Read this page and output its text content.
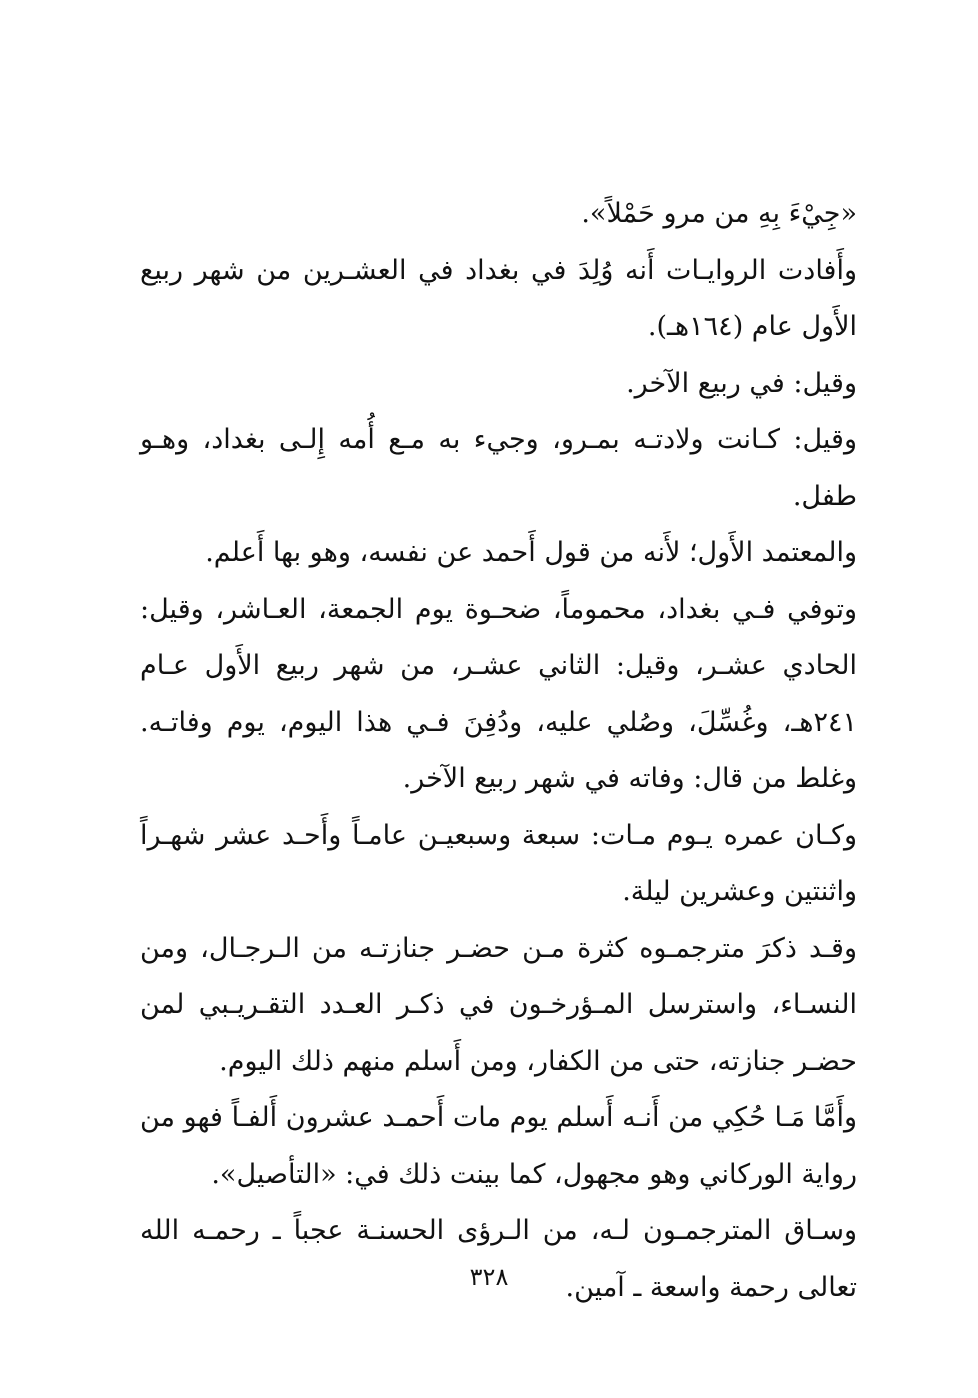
«جِيْءَ بِهِ من مرو حَمْلاً».

وأَفادت الروايـات أَنه وُلِدَ في بغداد في العشـرين من شهر ربيع الأَول عام (١٦٤هـ).

وقيل: في ربيع الآخر.

وقيل: كـانت ولادتـه بمـرو، وجيء به مـع أُمه إِلـى بغداد، وهـو طفل.

والمعتمد الأَول؛ لأَنه من قول أَحمد عن نفسه، وهو بها أَعلم.

وتوفي فـي بغداد، محموماً، ضحـوة يوم الجمعة، العـاشر، وقيل: الحادي عشـر، وقيل: الثاني عشـر، من شهر ربيع الأَول عـام ٢٤١هـ، وغُسِّلَ، وصُلي عليه، ودُفِنَ فـي هذا اليوم، يوم وفاتـه. وغلط من قال: وفاته في شهر ربيع الآخر.

وكـان عمره يـوم مـات: سبعة وسبعيـن عامـاً وأَحـد عشر شهـراً واثنتين وعشرين ليلة.

وقـد ذكرَ مترجمـوه كثرة مـن حضـر جنازتـه من الـرجـال، ومن النسـاء، واسترسل المـؤرخـون في ذكـر العـدد التقـريـبي لمن حضـر جنازته، حتى من الكفار، ومن أَسلم منهم ذلك اليوم.

وأَمَّا مَـا حُكِي من أَنـه أَسلم يوم مات أَحمـد عشرون أَلفـاً فهو من رواية الوركاني وهو مجهول، كما بينت ذلك في: «التأصيل».

وسـاق المترجمـون لـه، من الـرؤى الحسنـة عجباً ـ رحمـه الله تعالى رحمة واسعة ـ آمين.

٣٢٨
